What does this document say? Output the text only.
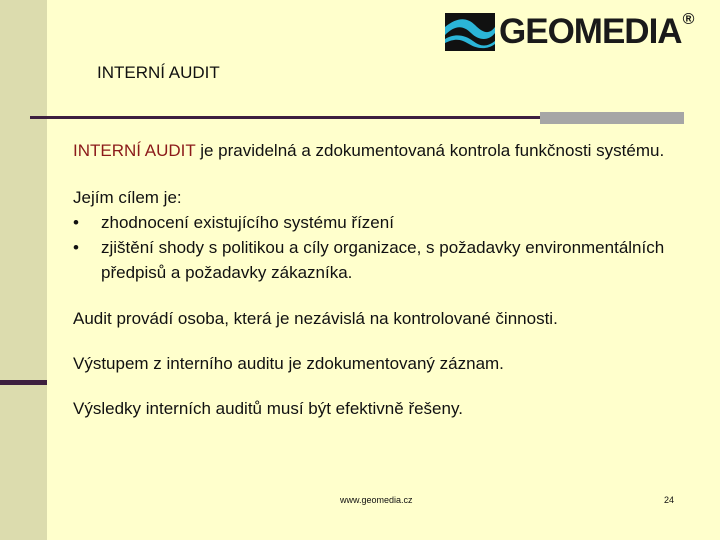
GEOMEDIA®
INTERNÍ AUDIT

INTERNÍ AUDIT je pravidelná a zdokumentovaná kontrola funkčnosti systému.

Jejím cílem je:

• zhodnocení existujícího systému řízení
• zjištění shody s politikou a cíly organizace, s požadavky environmentálních předpisů a požadavky zákazníka.

Audit provádí osoba, která je nezávislá na kontrolované činnosti.

Výstupem z interního auditu je zdokumentovaný záznam.

Výsledky interních auditů musí být efektivně řešeny.

www.geomedia.cz	24
